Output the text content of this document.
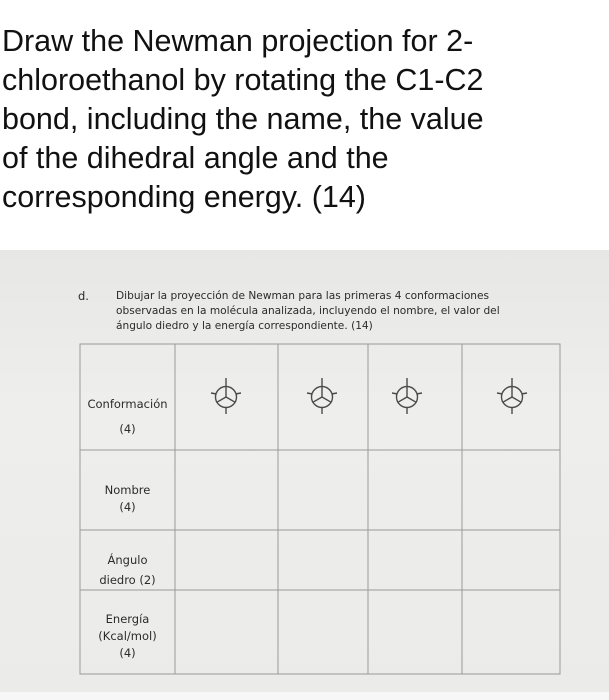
Draw the Newman projection for 2-
chloroethanol by rotating the C1-C2
bond, including the name, the value
of the dihedral angle and the
corresponding energy. (14)
d.	Dibujar la proyección de Newman para las primeras 4 conformaciones
observadas en la molécula analizada, incluyendo el nombre, el valor del
ángulo diedro y la energía correspondiente. (14)
Conformación
(4)
Nombre
(4)
Ángulo
diedro (2)
Energía
(Kcal/mol)
(4)
